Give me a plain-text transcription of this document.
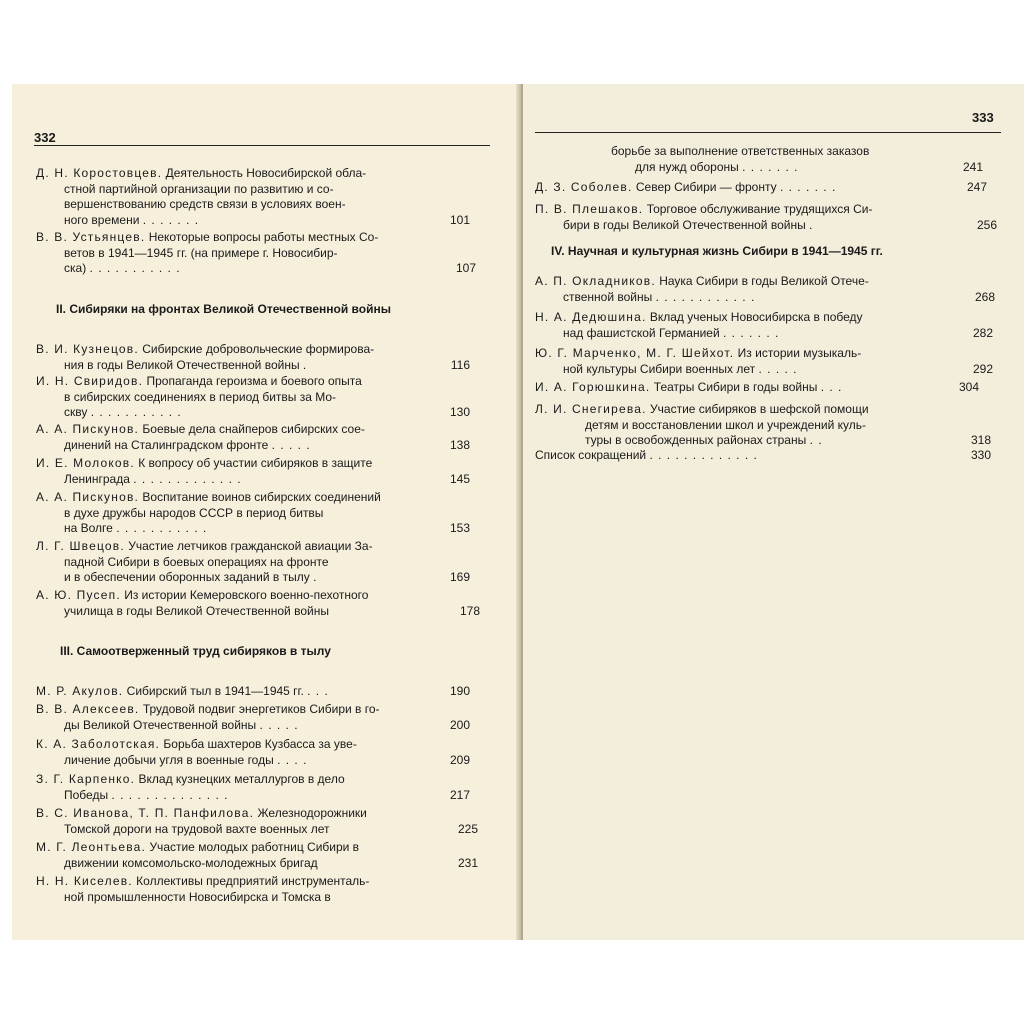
332
Д. Н. Коростовцев. Деятельность Новосибирской обла-
стной партийной организации по развитию и со-
вершенствованию средств связи в условиях воен-
ного времени . . . . . . .	101
В. В. Устьянцев. Некоторые вопросы работы местных Со-
ветов в 1941—1945 гг. (на примере г. Новосибир-
ска) . . . . . . . . . . .	107
II. Сибиряки на фронтах Великой Отечественной войны
В. И. Кузнецов. Сибирские добровольческие формирова-
ния в годы Великой Отечественной войны .	116
И. Н. Свиридов. Пропаганда героизма и боевого опыта
в сибирских соединениях в период битвы за Мо-
скву . . . . . . . . . . .	130
А. А. Пискунов. Боевые дела снайперов сибирских сое-
динений на Сталинградском фронте . . . . .	138
И. Е. Молоков. К вопросу об участии сибиряков в защите
Ленинграда . . . . . . . . . . . . .	145
А. А. Пискунов. Воспитание воинов сибирских соединений
в духе дружбы народов СССР в период битвы
на Волге . . . . . . . . . . .	153
Л. Г. Швецов. Участие летчиков гражданской авиации За-
падной Сибири в боевых операциях на фронте
и в обеспечении оборонных заданий в тылу .	169
А. Ю. Пусеп. Из истории Кемеровского военно-пехотного
училища в годы Великой Отечественной войны	178
III. Самоотверженный труд сибиряков в тылу
М. Р. Акулов. Сибирский тыл в 1941—1945 гг. . . .	190
В. В. Алексеев. Трудовой подвиг энергетиков Сибири в го-
ды Великой Отечественной войны . . . . .	200
К. А. Заболотская. Борьба шахтеров Кузбасса за уве-
личение добычи угля в военные годы . . . .	209
З. Г. Карпенко. Вклад кузнецких металлургов в дело
Победы . . . . . . . . . . . . . .	217
В. С. Иванова, Т. П. Панфилова. Железнодорожники
Томской дороги на трудовой вахте военных лет	225
М. Г. Леонтьева. Участие молодых работниц Сибири в
движении комсомольско-молодежных бригад	231
Н. Н. Киселев. Коллективы предприятий инструменталь-
ной промышленности Новосибирска и Томска в
333
борьбе за выполнение ответственных заказов
для нужд обороны . . . . . . .	241
Д. З. Соболев. Север Сибири — фронту . . . . . . .	247
П. В. Плешаков. Торговое обслуживание трудящихся Си-
бири в годы Великой Отечественной войны .	256
IV. Научная и культурная жизнь Сибири в 1941—1945 гг.
А. П. Окладников. Наука Сибири в годы Великой Отече-
ственной войны . . . . . . . . . . . .	268
Н. А. Дедюшина. Вклад ученых Новосибирска в победу
над фашистской Германией . . . . . . .	282
Ю. Г. Марченко, М. Г. Шейхот. Из истории музыкаль-
ной культуры Сибири военных лет . . . . .	292
И. А. Горюшкина. Театры Сибири в годы войны . . .	304
Л. И. Снегирева. Участие сибиряков в шефской помощи
детям и восстановлении школ и учреждений куль-
туры в освобожденных районах страны . .	318
Список сокращений . . . . . . . . . . . . .	330
